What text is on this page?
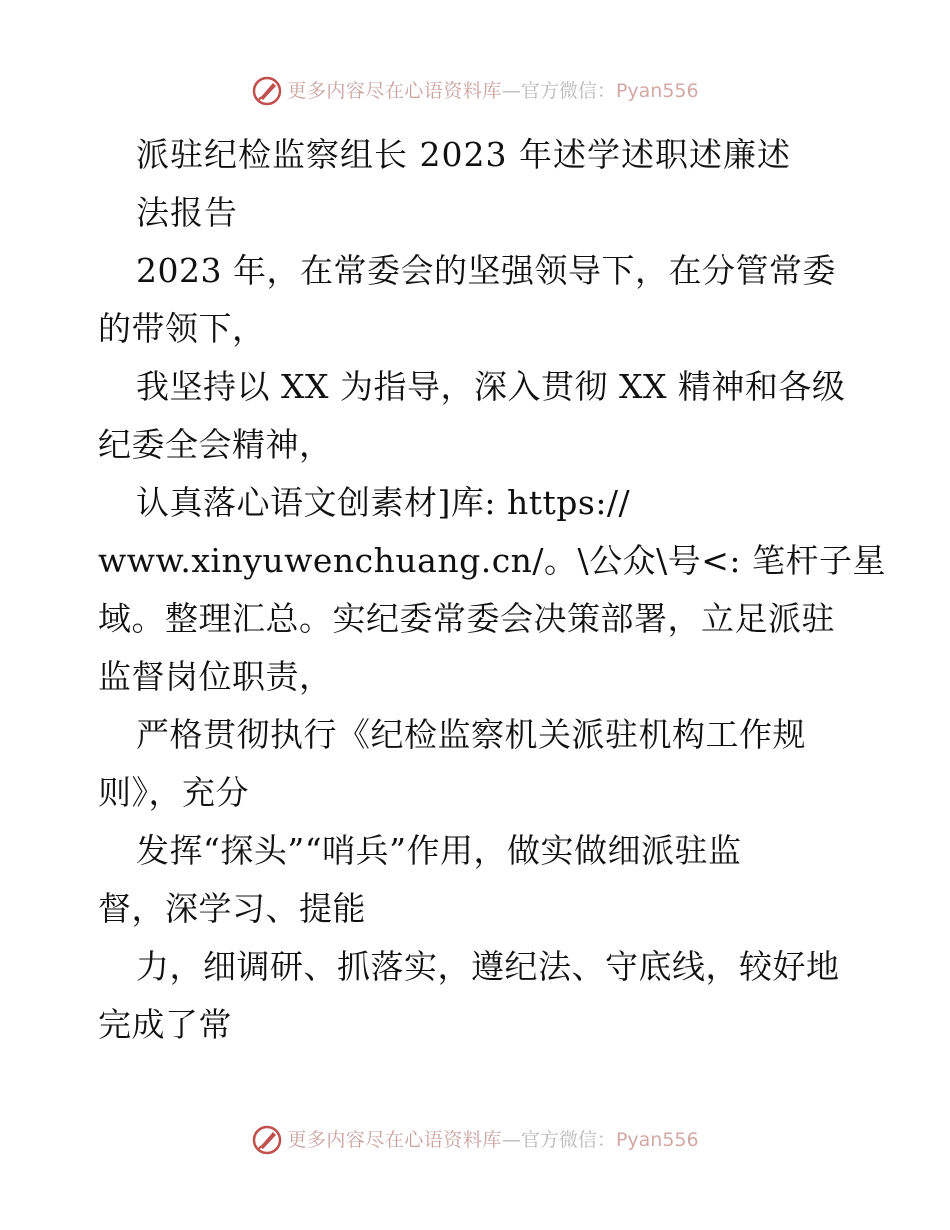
更多内容尽在心语资料库 — 官方微信： Pyan556
派驻纪检监察组长 2023 年述学述职述廉述
法报告
2023 年，在常委会的坚强领导下，在分管常委
的带领下，
我坚持以 XX 为指导，深入贯彻 XX 精神和各级
纪委全会精神，
认真落心语文创素材]库: https://
www.xinyuwenchuang.cn/。\公众\号<: 笔杆子星
域。整理汇总。实纪委常委会决策部署，立足派驻
监督岗位职责，
严格贯彻执行《纪检监察机关派驻机构工作规
则》，充分
发挥“探头”“哨兵”作用，做实做细派驻监
督，深学习、提能
力，细调研、抓落实，遵纪法、守底线，较好地
完成了常
更多内容尽在心语资料库 — 官方微信： Pyan556
